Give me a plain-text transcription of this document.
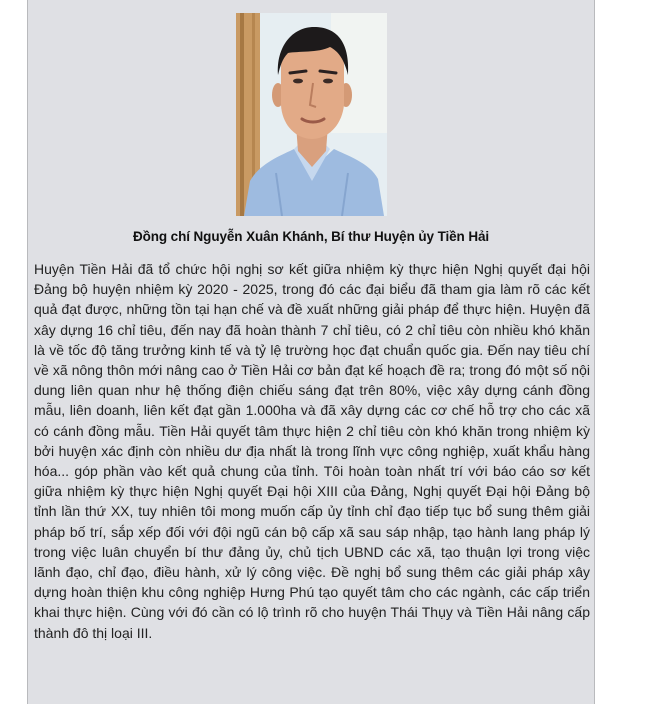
Đồng chí Nguyễn Xuân Khánh, Bí thư Huyện ủy Tiền Hải

Huyện Tiền Hải đã tổ chức hội nghị sơ kết giữa nhiệm kỳ thực hiện Nghị quyết đại hội Đảng bộ huyện nhiệm kỳ 2020 - 2025, trong đó các đại biểu đã tham gia làm rõ các kết quả đạt được, những tồn tại hạn chế và đề xuất những giải pháp để thực hiện. Huyện đã xây dựng 16 chỉ tiêu, đến nay đã hoàn thành 7 chỉ tiêu, có 2 chỉ tiêu còn nhiều khó khăn là về tốc độ tăng trưởng kinh tế và tỷ lệ trường học đạt chuẩn quốc gia. Đến nay tiêu chí về xã nông thôn mới nâng cao ở Tiền Hải cơ bản đạt kế hoạch đề ra; trong đó một số nội dung liên quan như hệ thống điện chiếu sáng đạt trên 80%, việc xây dựng cánh đồng mẫu, liên doanh, liên kết đạt gần 1.000ha và đã xây dựng các cơ chế hỗ trợ cho các xã có cánh đồng mẫu. Tiền Hải quyết tâm thực hiện 2 chỉ tiêu còn khó khăn trong nhiệm kỳ bởi huyện xác định còn nhiều dư địa nhất là trong lĩnh vực công nghiệp, xuất khẩu hàng hóa... góp phần vào kết quả chung của tỉnh. Tôi hoàn toàn nhất trí với báo cáo sơ kết giữa nhiệm kỳ thực hiện Nghị quyết Đại hội XIII của Đảng, Nghị quyết Đại hội Đảng bộ tỉnh lần thứ XX, tuy nhiên tôi mong muốn cấp ủy tỉnh chỉ đạo tiếp tục bổ sung thêm giải pháp bố trí, sắp xếp đối với đội ngũ cán bộ cấp xã sau sáp nhập, tạo hành lang pháp lý trong việc luân chuyển bí thư đảng ủy, chủ tịch UBND các xã, tạo thuận lợi trong việc lãnh đạo, chỉ đạo, điều hành, xử lý công việc. Đề nghị bổ sung thêm các giải pháp xây dựng hoàn thiện khu công nghiệp Hưng Phú tạo quyết tâm cho các ngành, các cấp triển khai thực hiện. Cùng với đó cần có lộ trình rõ cho huyện Thái Thụy và Tiền Hải nâng cấp thành đô thị loại III.
